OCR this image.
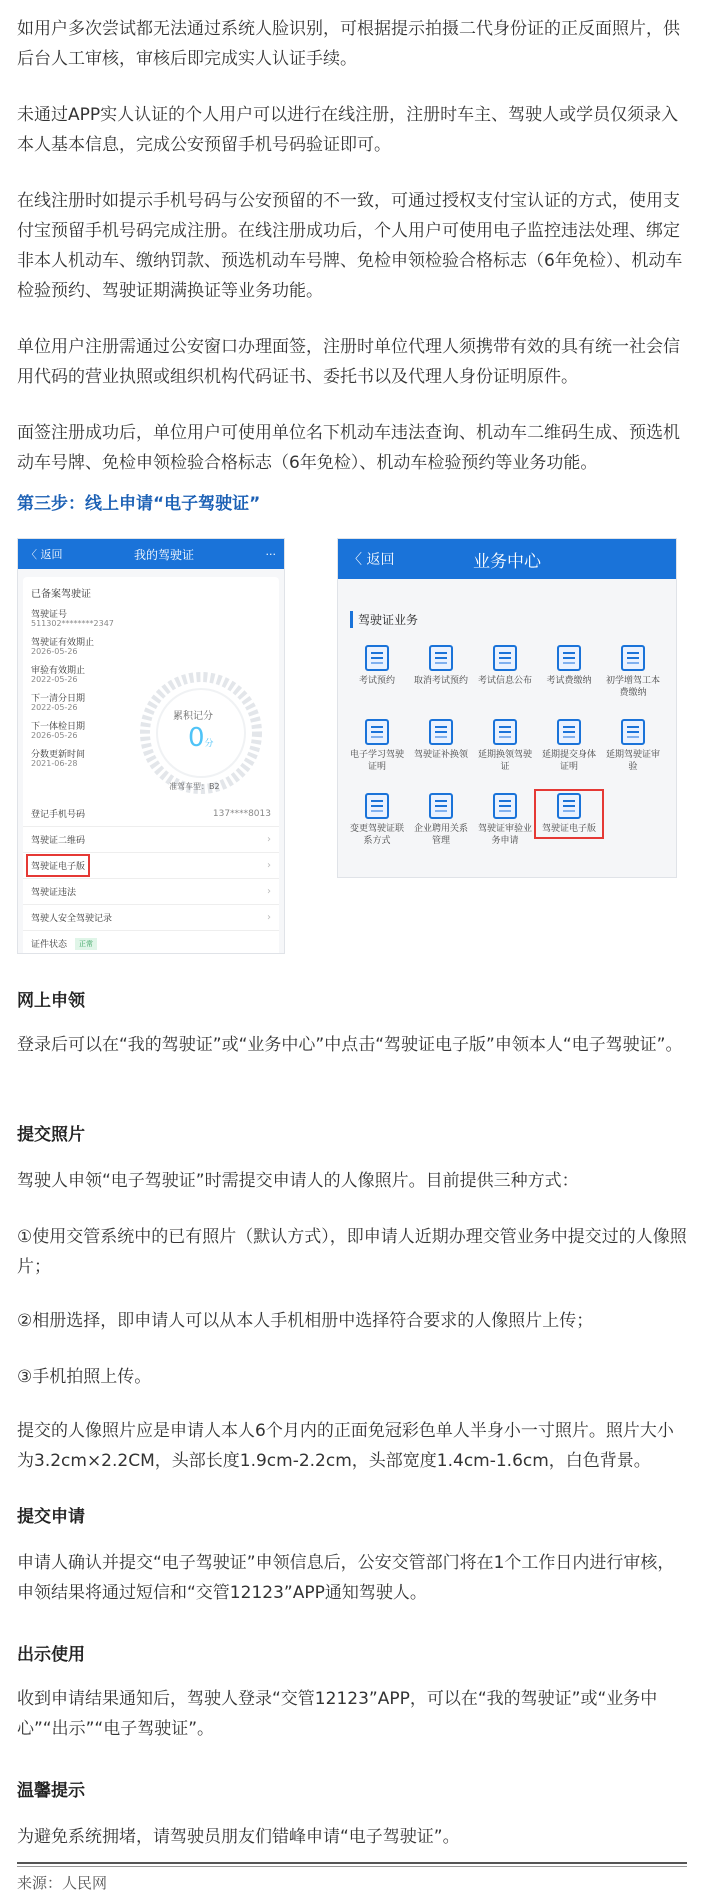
如用户多次尝试都无法通过系统人脸识别，可根据提示拍摄二代身份证的正反面照片，供后台人工审核，审核后即完成实人认证手续。

未通过APP实人认证的个人用户可以进行在线注册，注册时车主、驾驶人或学员仅须录入本人基本信息，完成公安预留手机号码验证即可。

在线注册时如提示手机号码与公安预留的不一致，可通过授权支付宝认证的方式，使用支付宝预留手机号码完成注册。在线注册成功后，个人用户可使用电子监控违法处理、绑定非本人机动车、缴纳罚款、预选机动车号牌、免检申领检验合格标志（6年免检）、机动车检验预约、驾驶证期满换证等业务功能。

单位用户注册需通过公安窗口办理面签，注册时单位代理人须携带有效的具有统一社会信用代码的营业执照或组织机构代码证书、委托书以及代理人身份证明原件。

面签注册成功后，单位用户可使用单位名下机动车违法查询、机动车二维码生成、预选机动车号牌、免检申领检验合格标志（6年免检）、机动车检验预约等业务功能。

第三步：线上申请“电子驾驶证”
〈 返回	我的驾驶证	···
已备案驾驶证
驾驶证号
511302********2347
驾驶证有效期止
2026-05-26
审验有效期止
2022-05-26
下一清分日期
2022-05-26
下一体检日期
2026-05-26
分数更新时间
2021-06-28
累积记分
0分
准驾车型：B2
登记手机号码	137****8013
驾驶证二维码	›
驾驶证电子版	›
驾驶证违法	›
驾驶人安全驾驶记录	›
证件状态	正常
〈 返回	业务中心
驾驶证业务
考试预约	取消考试预约	考试信息公布	考试费缴纳	初学增驾工本费缴纳
电子学习驾驶证明
驾驶证补换领	延期换领驾驶证
延期提交身体证明
延期驾驶证审验
变更驾驶证联系方式
企业聘用关系管理
驾驶证审验业务申请
驾驶证电子版
网上申领

登录后可以在“我的驾驶证”或“业务中心”中点击“驾驶证电子版”申领本人“电子驾驶证”。

提交照片

驾驶人申领“电子驾驶证”时需提交申请人的人像照片。目前提供三种方式：

①使用交管系统中的已有照片（默认方式），即申请人近期办理交管业务中提交过的人像照片；

②相册选择，即申请人可以从本人手机相册中选择符合要求的人像照片上传；

③手机拍照上传。

提交的人像照片应是申请人本人6个月内的正面免冠彩色单人半身小一寸照片。照片大小为3.2cm×2.2CM，头部长度1.9cm-2.2cm，头部宽度1.4cm-1.6cm，白色背景。

提交申请

申请人确认并提交“电子驾驶证”申领信息后，公安交管部门将在1个工作日内进行审核，申领结果将通过短信和“交管12123”APP通知驾驶人。

出示使用

收到申请结果通知后，驾驶人登录“交管12123”APP，可以在“我的驾驶证”或“业务中心”“出示”“电子驾驶证”。

温馨提示

为避免系统拥堵，请驾驶员朋友们错峰申请“电子驾驶证”。

来源：人民网
